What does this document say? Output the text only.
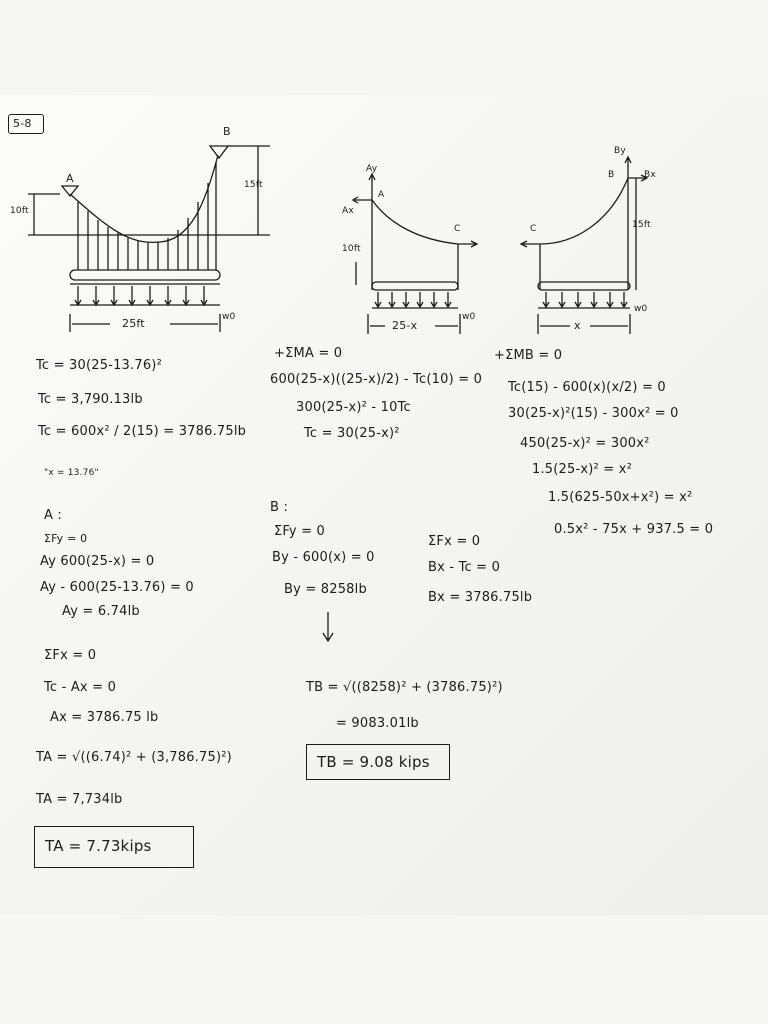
5-8
A
B
10ft
15ft
25ft	w0
Ay
Ax
A
C
10ft
25-x
w0
By
Bx
B
C	15ft
x
w0
Tc = 30(25-13.76)²
Tc = 3,790.13lb
Tc = 600x² / 2(15) = 3786.75lb
"x = 13.76"
A :
ΣFy = 0
Ay 600(25-x) = 0
Ay - 600(25-13.76) = 0
Ay = 6.74lb
ΣFx = 0
Tc - Ax = 0
Ax = 3786.75 lb
TA = √((6.74)² + (3,786.75)²)
TA = 7,734lb
TA = 7.73kips
+ΣMA = 0
600(25-x)((25-x)/2) - Tc(10) = 0
300(25-x)² - 10Tc
Tc = 30(25-x)²
B :
ΣFy = 0
By - 600(x) = 0
By = 8258lb
TB = √((8258)² + (3786.75)²)
= 9083.01lb
TB = 9.08 kips
+ΣMB = 0
Tc(15) - 600(x)(x/2) = 0
30(25-x)²(15) - 300x² = 0
450(25-x)² = 300x²
1.5(25-x)² = x²
1.5(625-50x+x²) = x²
0.5x² - 75x + 937.5 = 0
ΣFx = 0
Bx - Tc = 0
Bx = 3786.75lb
